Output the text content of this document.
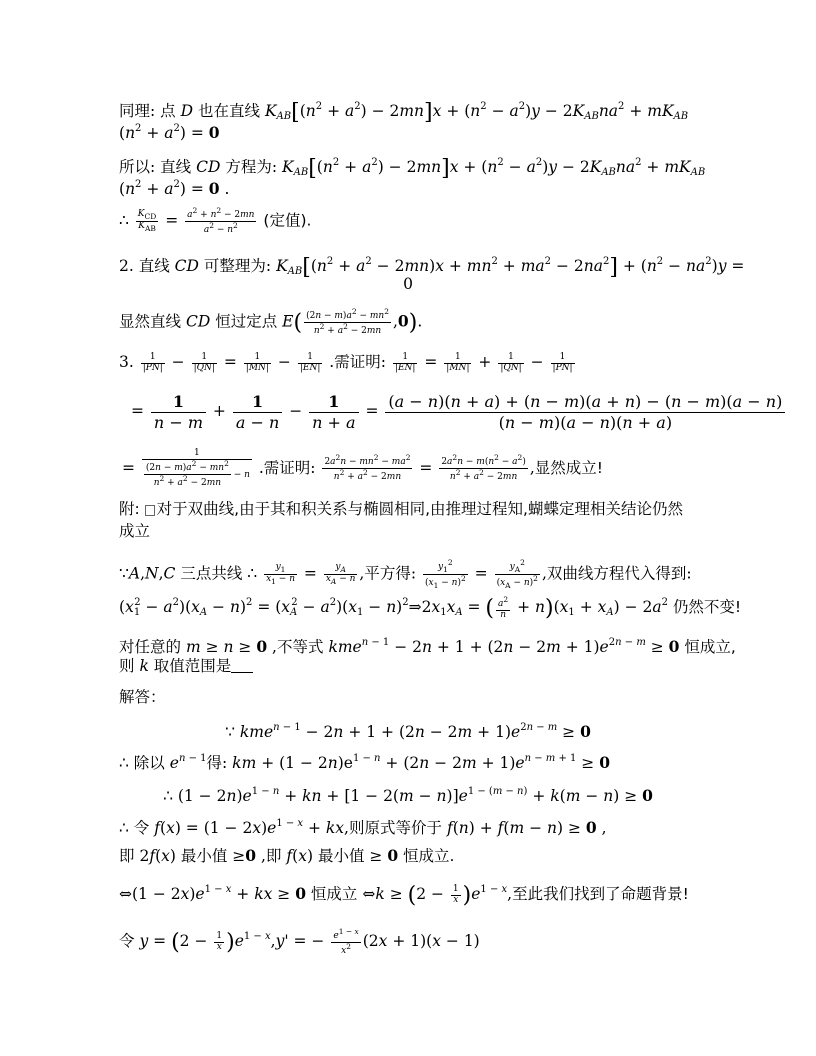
同理: 点 D 也在直线 $K_{AB}[(n^2 + a^2) - 2mn]x + (n^2 - a^2)y - 2K_{AB}na^2 + mK_{AB}$
$(n^2 + a^2) = 0$
所以: 直线 CD 方程为: $K_{AB}[(n^2 + a^2) - 2mn]x + (n^2 - a^2)y - 2K_{AB}na^2 + mK_{AB}$
$(n^2 + a^2) = 0$ .
∴ $\frac{K_{CD}}{K_{AB}} = \frac{a^2 + n^2 - 2mn}{a^2 - n^2}$ (定值).
2. 直线 CD 可整理为: $K_{AB}[(n^2 + a^2 - 2mn)x + mn^2 + ma^2 - 2na^2] + (n^2 - na^2)y$ =
0
显然直线 CD 恒过定点 $E( \frac{(2n - m)a^2 - mn^2}{n^2 + a^2 - 2mn} ,0)$.
3. $\frac{1}{|PN|} - \frac{1}{|QN|} = \frac{1}{|MN|} - \frac{1}{|EN|}$ .需证明: $\frac{1}{|EN|} = \frac{1}{|MN|} + \frac{1}{|QN|} - \frac{1}{|PN|}$
= $\frac{1}{n - m} + \frac{1}{a - n} - \frac{1}{n + a} = \frac{(a - n)(n + a) + (n - m)(a + n) - (n - m)(a - n)}{(n - m)(a - n)(n + a)}$
= $\frac{1}{\frac{(2n - m)a^2 - mn^2}{n^2 + a^2 - 2mn} - n}$ .需证明: $\frac{2a^2n - mn^2 - ma^2}{n^2 + a^2 - 2mn} = \frac{2a^2n - m(n^2 - a^2)}{n^2 + a^2 - 2mn}$ ,显然成立!
附: 对于双曲线,由于其和积关系与椭圆相同,由推理过程知,蝴蝶定理相关结论仍然
成立
∵A,N,C 三点共线 ∴ $\frac{y_1}{x_1 - n} = \frac{y_A}{x_A - n}$ ,平方得: $\frac{y_1^2}{(x_1 - n)^2} = \frac{y_A^2}{(x_A - n)^2}$ ,双曲线方程代入得到:
$(x_1^2 - a^2)(x_A - n)^2 = (x_A^2 - a^2)(x_1$ − $n)^2\Rightarrow 2x_1x_A$ = ( $\frac{a^2}{n} + n)(x_1 + x_A) - 2a^2$ 仍然不变!
对任意的 m ≥ n ≥ 0 ,不等式 $kme^{n - 1} - 2n + 1 + (2n - 2m + 1)e^{2n - m} \ge 0$ 恒成立,
则 k 取值范围是
解答：
∵ $kme^{n - 1} - 2n + 1 + (2n - 2m + 1)e^{2n - m} \ge 0$
∴ 除以 $e^{n - 1}$得: km + $(1 - 2n)e^{1 - n} + (2n - 2m + 1)e^{n - m + 1} \ge 0$
∴ $(1 - 2n)e^{1 - n}$ + kn + $[1 - 2(m - n)]e^{1 - (m - n)} + k(m - n) \ge 0$
∴ 令 $f(x) = (1 - 2x)e^{1 - x}$ + kx,则原式等价于 f(n) + f(m − n) ≥ 0 ,
即 2f(x) 最小值 ≥0 ,即 f(x) 最小值 ≥ 0 恒成立.
⇔(1 − $2x)e^{1 - x}$ + kx ≥ 0 恒成立 ⇔k ≥ $(2 - \frac{1}{x} )e^{1 - x}$,至此我们找到了命题背景!
令 $y = (2 - \frac{1}{x} )e^{1 - x},y'$ = − $\frac{e^{1 - x}}{x^2} (2x + 1)(x - 1)$
